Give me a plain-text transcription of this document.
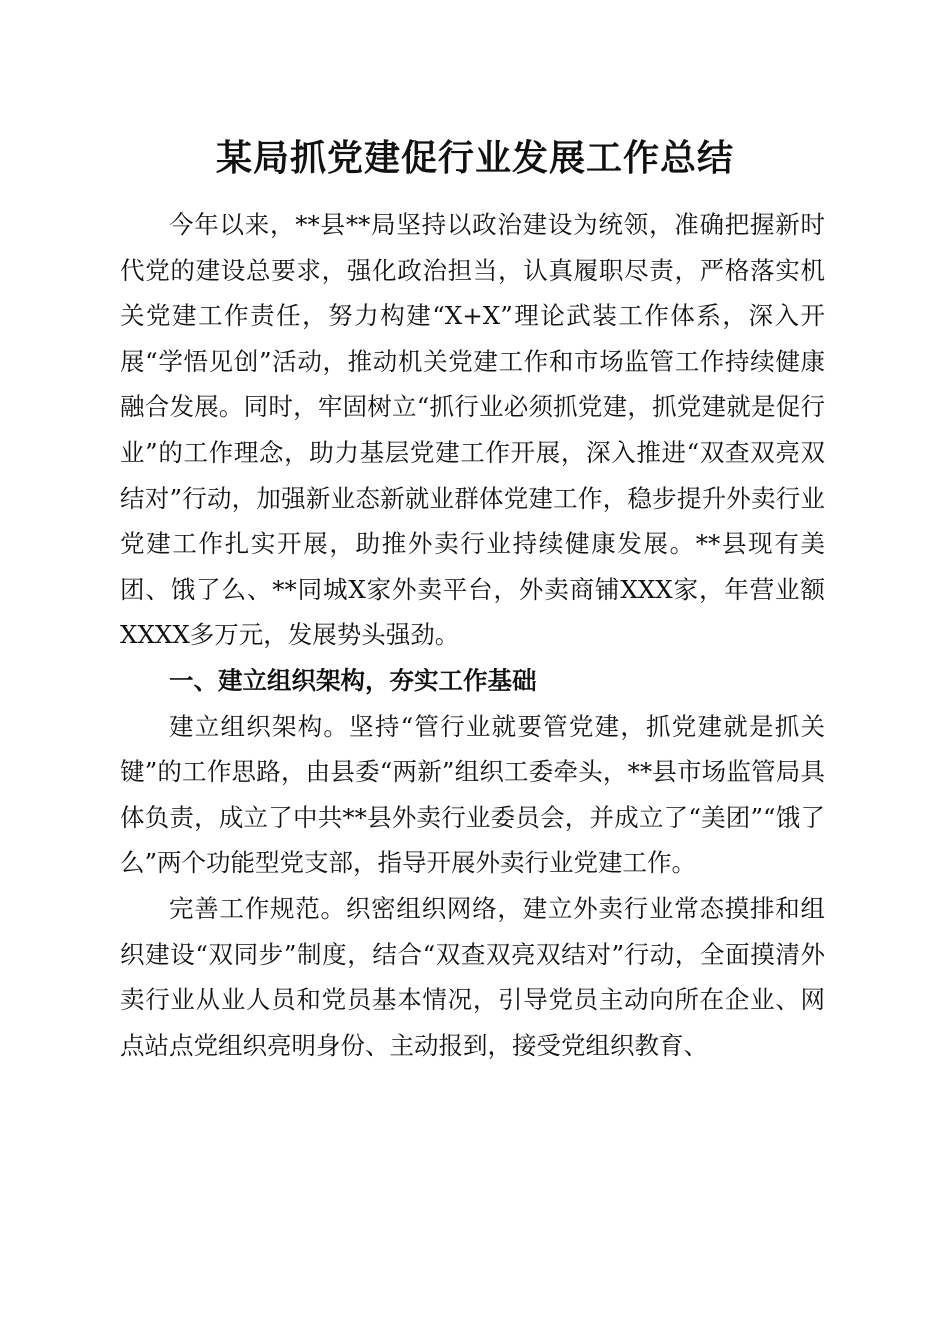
某局抓党建促行业发展工作总结

今年以来，**县**局坚持以政治建设为统领，准确把握新时代党的建设总要求，强化政治担当，认真履职尽责，严格落实机关党建工作责任，努力构建“X+X”理论武装工作体系，深入开展“学悟见创”活动，推动机关党建工作和市场监管工作持续健康融合发展。同时，牢固树立“抓行业必须抓党建，抓党建就是促行业”的工作理念，助力基层党建工作开展，深入推进“双查双亮双结对”行动，加强新业态新就业群体党建工作，稳步提升外卖行业党建工作扎实开展，助推外卖行业持续健康发展。**县现有美团、饿了么、**同城X家外卖平台，外卖商铺XXX家，年营业额XXXX多万元，发展势头强劲。

一、建立组织架构，夯实工作基础

建立组织架构。坚持“管行业就要管党建，抓党建就是抓关键”的工作思路，由县委“两新”组织工委牵头，**县市场监管局具体负责，成立了中共**县外卖行业委员会，并成立了“美团”“饿了么”两个功能型党支部，指导开展外卖行业党建工作。

完善工作规范。织密组织网络，建立外卖行业常态摸排和组织建设“双同步”制度，结合“双查双亮双结对”行动，全面摸清外卖行业从业人员和党员基本情况，引导党员主动向所在企业、网点站点党组织亮明身份、主动报到，接受党组织教育、
